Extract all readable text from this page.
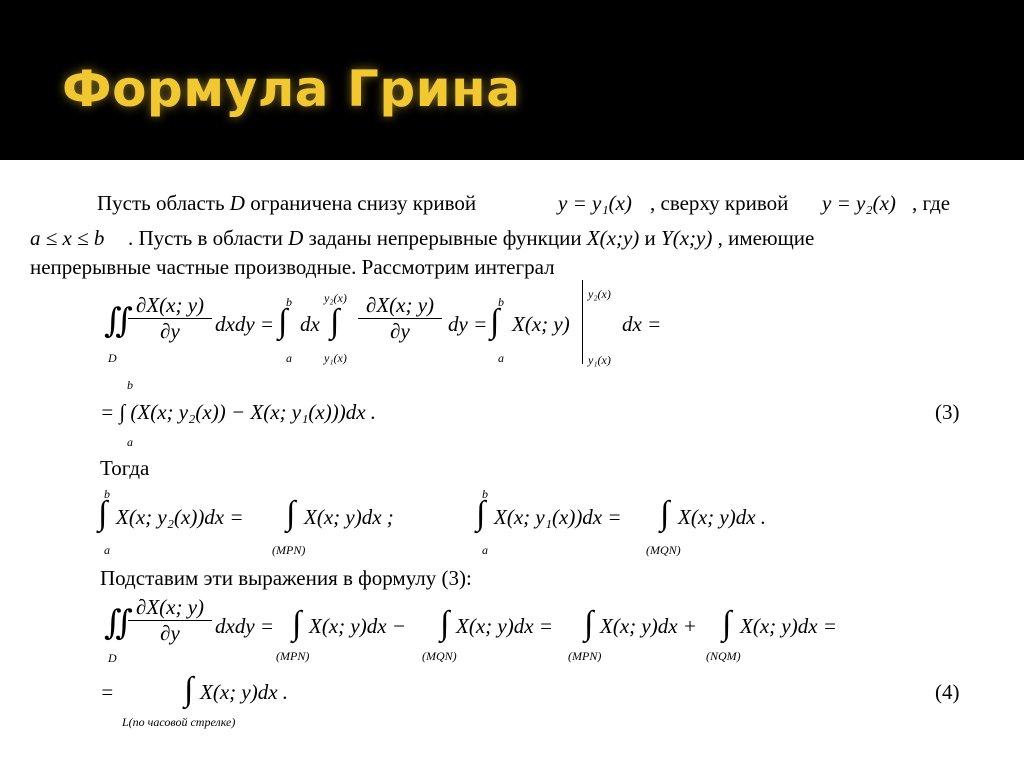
Формула Грина
Пусть область D ограничена снизу кривой	y = y₁(x) , сверху кривой y = y₂(x) , где
a ≤ x ≤ b . Пусть в области D заданы непрерывные функции X(x;y) и Y(x;y) , имеющие
непрерывные частные производные. Рассмотрим интеграл
∬
D
$\frac{\partial X(x; y)}{\partial y}$ dxdy =
b
∫
a
dx
y₂(x)
∫
y₁(x)
$\frac{\partial X(x; y)}{\partial y}$ dy =
b
∫
a
X(x; y)
y₂(x)
y₁(x)
dx =
b
= ∫ (X(x; y₂(x)) − X(x; y₁(x)))dx .
a
(3)
Тогда
b
∫
a
X(x; y₂(x))dx = ∫
(MPN)
X(x; y)dx ;
b
∫
a
X(x; y₁(x))dx = ∫
(MQN)
X(x; y)dx .
Подставим эти выражения в формулу (3):
∬
D
$\frac{\partial X(x; y)}{\partial y}$ dxdy = ∫
(MPN)
X(x; y)dx − ∫
(MQN)
X(x; y)dx = ∫
(MPN)
X(x; y)dx + ∫
(NQM)
X(x; y)dx =
= ∫ X(x; y)dx .
L(по часовой стрелке)
(4)
